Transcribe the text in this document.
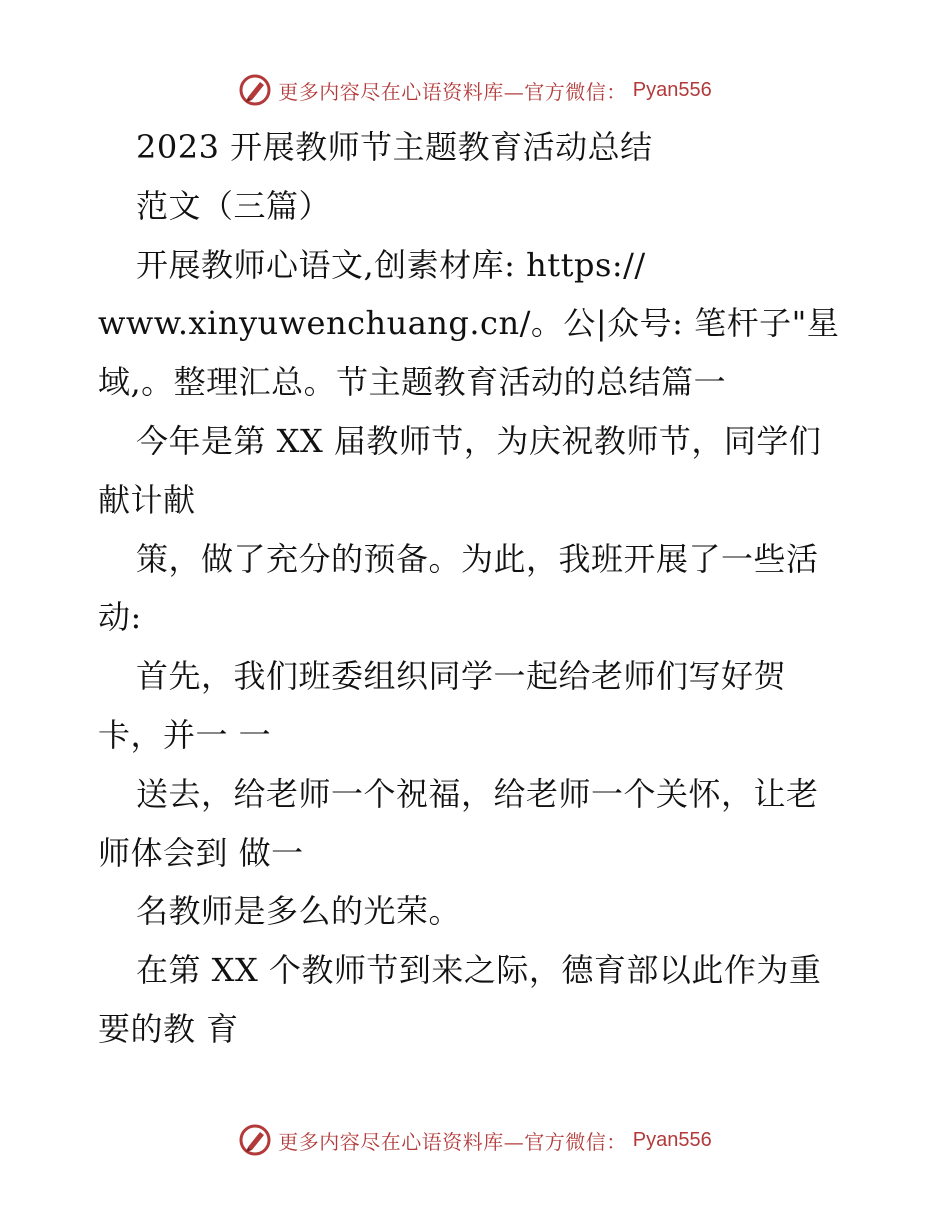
更多内容尽在心语资料库—官方微信： Pyan556
2023 开展教师节主题教育活动总结
范文（三篇）
开展教师心语文,创素材库: https://
www.xinyuwenchuang.cn/。公|众号: 笔杆子"星
域,。整理汇总。节主题教育活动的总结篇一
今年是第 XX 届教师节，为庆祝教师节，同学们
献计献
策，做了充分的预备。为此，我班开展了一些活
动:
首先，我们班委组织同学一起给老师们写好贺
卡，并一 一
送去，给老师一个祝福，给老师一个关怀，让老
师体会到 做一
名教师是多么的光荣。
在第 XX 个教师节到来之际，德育部以此作为重
要的教 育
更多内容尽在心语资料库—官方微信： Pyan556
